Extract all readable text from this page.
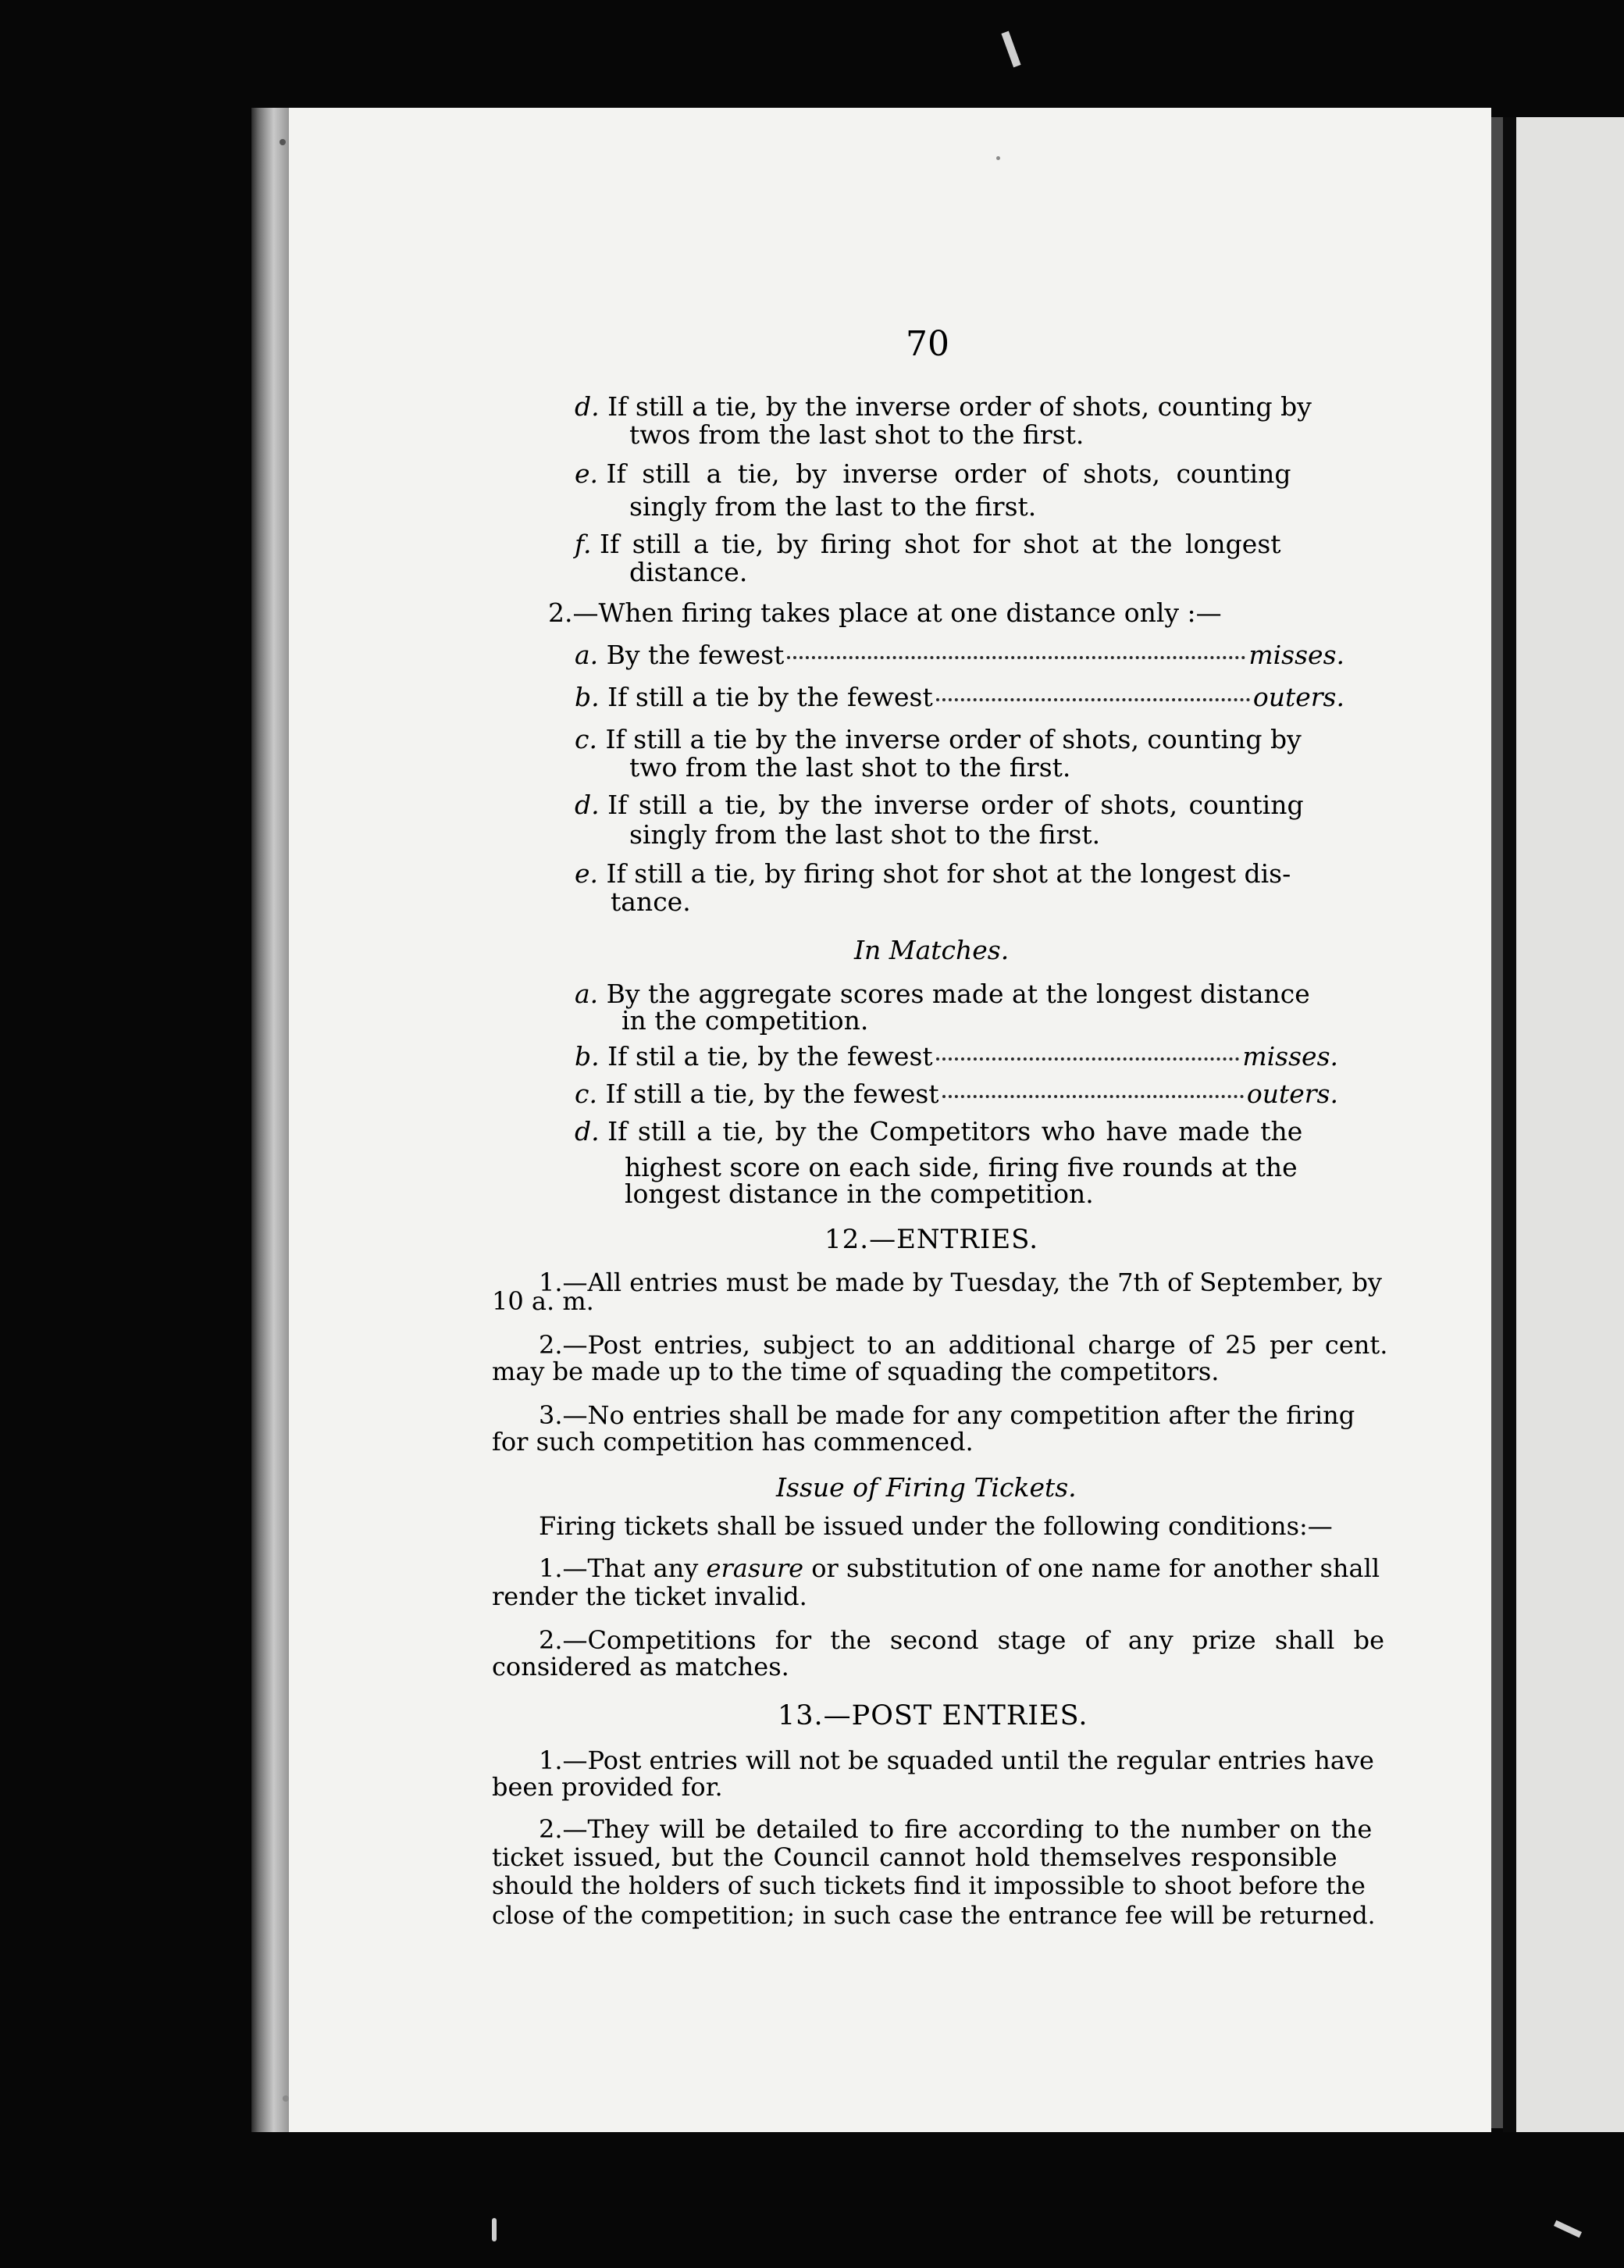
70
d. If still a tie, by the inverse order of shots, counting by
twos from the last shot to the first.
e. If still a tie, by inverse order of shots, counting
singly from the last to the first.
f. If still a tie, by firing shot for shot at the longest
distance.
2.—When firing takes place at one distance only :—
a.
By the fewest	misses.
b.
If still a tie by the fewest	outers.
c. If still a tie by the inverse order of shots, counting by
two from the last shot to the first.
d. If still a tie, by the inverse order of shots, counting
singly from the last shot to the first.
e. If still a tie, by firing shot for shot at the longest dis-
tance.
In Matches.
a. By the aggregate scores made at the longest distance
in the competition.
b.
If stil a tie, by the fewest	misses.
c.
If still a tie, by the fewest	outers.
d. If still a tie, by the Competitors who have made the
highest score on each side, firing five rounds at the
longest distance in the competition.
12.—ENTRIES.
1.—All entries must be made by Tuesday, the 7th of September, by
10 a. m.
2.—Post entries, subject to an additional charge of 25 per cent.
may be made up to the time of squading the competitors.
3.—No entries shall be made for any competition after the firing
for such competition has commenced.
Issue of Firing Tickets.
Firing tickets shall be issued under the following conditions:—
1.—That any erasure or substitution of one name for another shall
render the ticket invalid.
2.—Competitions for the second stage of any prize shall be
considered as matches.
13.—POST ENTRIES.
1.—Post entries will not be squaded until the regular entries have
been provided for.
2.—They will be detailed to fire according to the number on the
ticket issued, but the Council cannot hold themselves responsible
should the holders of such tickets find it impossible to shoot before the
close of the competition; in such case the entrance fee will be returned.
